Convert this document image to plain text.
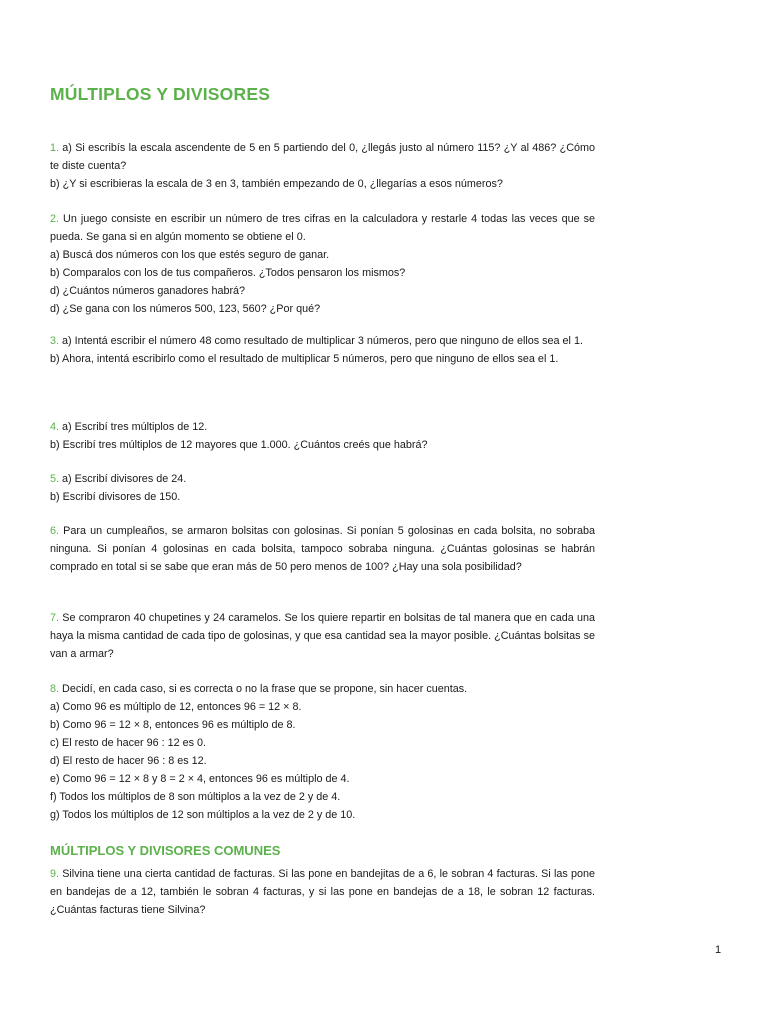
MÚLTIPLOS Y DIVISORES

1. a) Si escribís la escala ascendente de 5 en 5 partiendo del 0, ¿llegás justo al número 115? ¿Y al 486? ¿Cómo te diste cuenta?

b) ¿Y si escribieras la escala de 3 en 3, también empezando de 0, ¿llegarías a esos números?

2. Un juego consiste en escribir un número de tres cifras en la calculadora y restarle 4 todas las veces que se pueda. Se gana si en algún momento se obtiene el 0.

a) Buscá dos números con los que estés seguro de ganar.

b) Comparalos con los de tus compañeros. ¿Todos pensaron los mismos?

d) ¿Cuántos números ganadores habrá?

d) ¿Se gana con los números 500, 123, 560? ¿Por qué?

3. a) Intentá escribir el número 48 como resultado de multiplicar 3 números, pero que ninguno de ellos sea el 1.

b) Ahora, intentá escribirlo como el resultado de multiplicar 5 números, pero que ninguno de ellos sea el 1.

4. a) Escribí tres múltiplos de 12.

b) Escribí tres múltiplos de 12 mayores que 1.000. ¿Cuántos creés que habrá?

5. a) Escribí divisores de 24.

b) Escribí divisores de 150.

6. Para un cumpleaños, se armaron bolsitas con golosinas. Si ponían 5 golosinas en cada bolsita, no sobraba ninguna. Si ponían 4 golosinas en cada bolsita, tampoco sobraba ninguna. ¿Cuántas golosinas se habrán comprado en total si se sabe que eran más de 50 pero menos de 100? ¿Hay una sola posibilidad?

7. Se compraron 40 chupetines y 24 caramelos. Se los quiere repartir en bolsitas de tal manera que en cada una haya la misma cantidad de cada tipo de golosinas, y que esa cantidad sea la mayor posible. ¿Cuántas bolsitas se van a armar?

8. Decidí, en cada caso, si es correcta o no la frase que se propone, sin hacer cuentas.

a) Como 96 es múltiplo de 12, entonces 96 = 12 × 8.

b) Como 96 = 12 × 8, entonces 96 es múltiplo de 8.

c) El resto de hacer 96 : 12 es 0.

d) El resto de hacer 96 : 8 es 12.

e) Como 96 = 12 × 8 y 8 = 2 × 4, entonces 96 es múltiplo de 4.

f) Todos los múltiplos de 8 son múltiplos a la vez de 2 y de 4.

g) Todos los múltiplos de 12 son múltiplos a la vez de 2 y de 10.

MÚLTIPLOS Y DIVISORES COMUNES

9. Silvina tiene una cierta cantidad de facturas. Si las pone en bandejitas de a 6, le sobran 4 facturas. Si las pone en bandejas de a 12, también le sobran 4 facturas, y si las pone en bandejas de a 18, le sobran 12 facturas. ¿Cuántas facturas tiene Silvina?

1
